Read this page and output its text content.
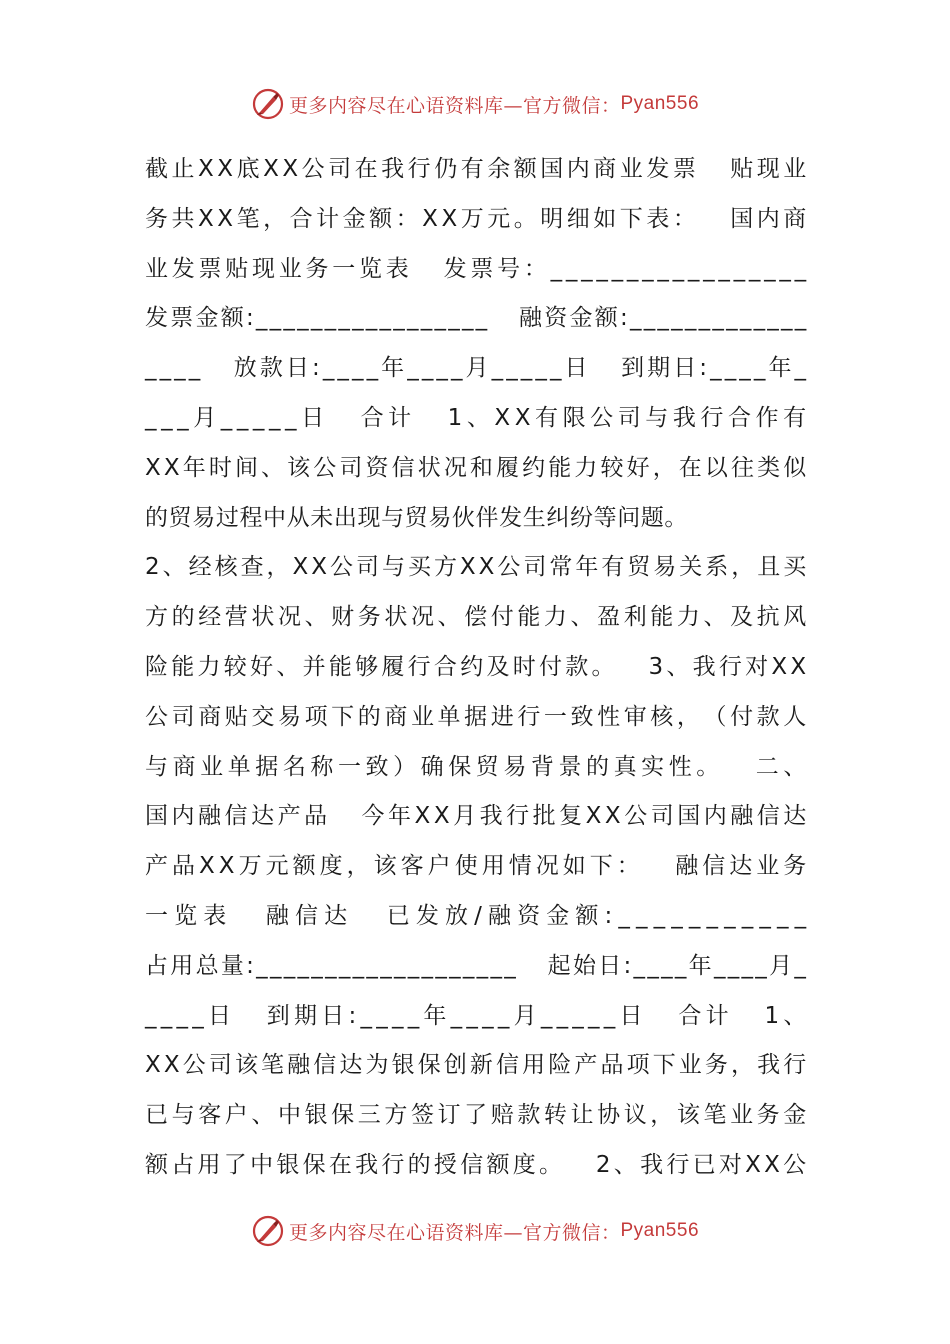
更多内容尽在心语资料库—官方微信： Pyan556
截 止 X X 底 X X 公 司 在 我 行 仍 有 余 额 国 内 商 业 发 票 贴 现 业
务 共 X X 笔 ， 合 计 金 额 ： X X 万 元 。 明 细 如 下 表 ： 国 内 商
业 发 票 贴 现 业 务 一 览 表 发 票 号 ： _ _ _ _ _ _ _ _ _ _ _ _ _ _ _ _ _
发 票 金 额 : _ _ _ _ _ _ _ _ _ _ _ _ _ _ _ _ _ 融 资 金 额 : _ _ _ _ _ _ _ _ _ _ _ _ _
_ _ _ _ 放 款 日 : _ _ _ _ 年 _ _ _ _ 月 _ _ _ _ _ 日 到 期 日 : _ _ _ _ 年 _
_ _ _ 月 _ _ _ _ _ 日 合 计 1 、 X X 有 限 公 司 与 我 行 合 作 有
X X 年 时 间 、 该 公 司 资 信 状 况 和 履 约 能 力 较 好 ， 在 以 往 类 似
的 贸 易 过 程 中 从 未 出 现 与 贸 易 伙 伴 发 生 纠 纷 等 问 题 。
2 、 经 核 查 ， X X 公 司 与 买 方 X X 公 司 常 年 有 贸 易 关 系 ， 且 买
方 的 经 营 状 况 、 财 务 状 况 、 偿 付 能 力 、 盈 利 能 力 、 及 抗 风
险 能 力 较 好 、 并 能 够 履 行 合 约 及 时 付 款 。 3 、 我 行 对 X X
公 司 商 贴 交 易 项 下 的 商 业 单 据 进 行 一 致 性 审 核 ， （ 付 款 人
与 商 业 单 据 名 称 一 致 ） 确 保 贸 易 背 景 的 真 实 性 。 二 、
国 内 融 信 达 产 品 今 年 X X 月 我 行 批 复 X X 公 司 国 内 融 信 达
产 品 X X 万 元 额 度 ， 该 客 户 使 用 情 况 如 下 ： 融 信 达 业 务
一 览 表 融 信 达 已 发 放 / 融 资 金 额 : _ _ _ _ _ _ _ _ _ _ _
占 用 总 量 : _ _ _ _ _ _ _ _ _ _ _ _ _ _ _ _ _ _ _ 起 始 日 : _ _ _ _ 年 _ _ _ _ 月 _
_ _ _ _ 日 到 期 日 : _ _ _ _ 年 _ _ _ _ 月 _ _ _ _ _ 日 合 计 1 、
X X 公 司 该 笔 融 信 达 为 银 保 创 新 信 用 险 产 品 项 下 业 务 ， 我 行
已 与 客 户 、 中 银 保 三 方 签 订 了 赔 款 转 让 协 议 ， 该 笔 业 务 金
额 占 用 了 中 银 保 在 我 行 的 授 信 额 度 。 2 、 我 行 已 对 X X 公
更多内容尽在心语资料库—官方微信： Pyan556
